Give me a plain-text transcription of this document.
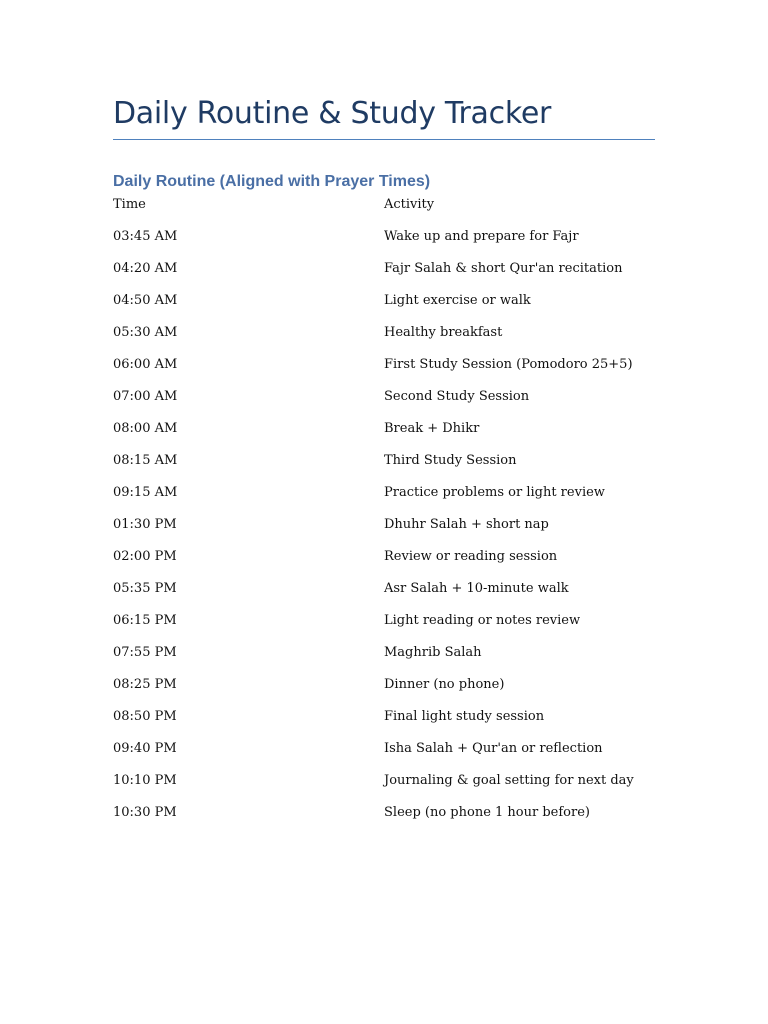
Daily Routine & Study Tracker
Daily Routine (Aligned with Prayer Times)
Time	Activity
03:45 AM	Wake up and prepare for Fajr
04:20 AM	Fajr Salah & short Qur'an recitation
04:50 AM	Light exercise or walk
05:30 AM	Healthy breakfast
06:00 AM	First Study Session (Pomodoro 25+5)
07:00 AM	Second Study Session
08:00 AM	Break + Dhikr
08:15 AM	Third Study Session
09:15 AM	Practice problems or light review
01:30 PM	Dhuhr Salah + short nap
02:00 PM	Review or reading session
05:35 PM	Asr Salah + 10-minute walk
06:15 PM	Light reading or notes review
07:55 PM	Maghrib Salah
08:25 PM	Dinner (no phone)
08:50 PM	Final light study session
09:40 PM	Isha Salah + Qur'an or reflection
10:10 PM	Journaling & goal setting for next day
10:30 PM	Sleep (no phone 1 hour before)
